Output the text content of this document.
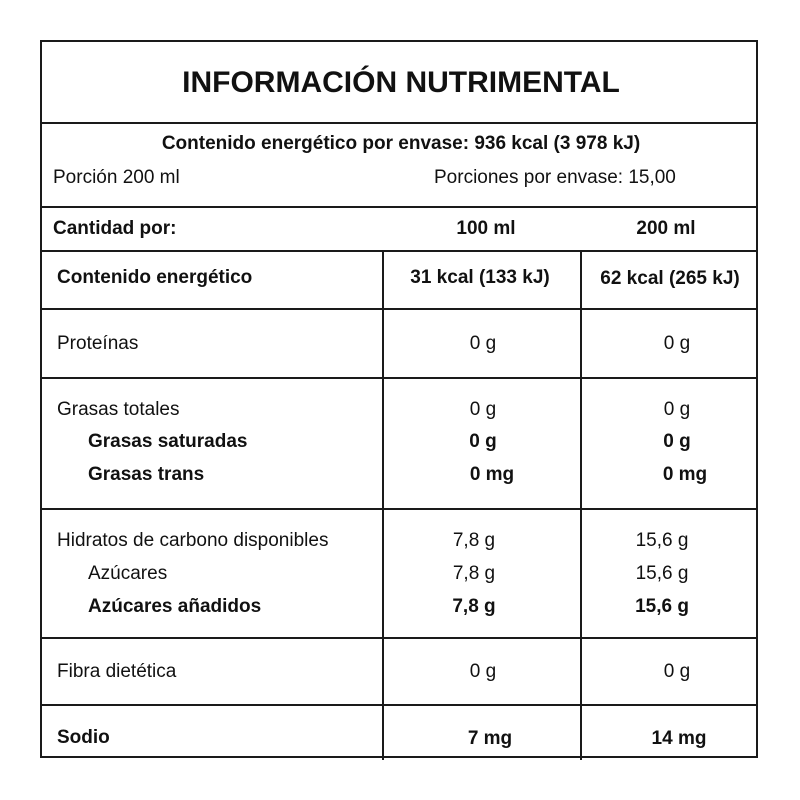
INFORMACIÓN NUTRIMENTAL
Contenido energético por envase: 936 kcal (3 978 kJ)
Porción 200 ml	Porciones por envase: 15,00
Cantidad por:	100 ml	200 ml
Contenido energético	31 kcal (133 kJ)	62 kcal (265 kJ)
Proteínas	0 g	0 g
Grasas totales	0 g	0 g
Grasas saturadas	0 g	0 g
Grasas trans	0 mg	0 mg
Hidratos de carbono disponibles	7,8 g	15,6 g
Azúcares	7,8 g	15,6 g
Azúcares añadidos	7,8 g	15,6 g
Fibra dietética	0 g	0 g
Sodio	7 mg	14 mg
